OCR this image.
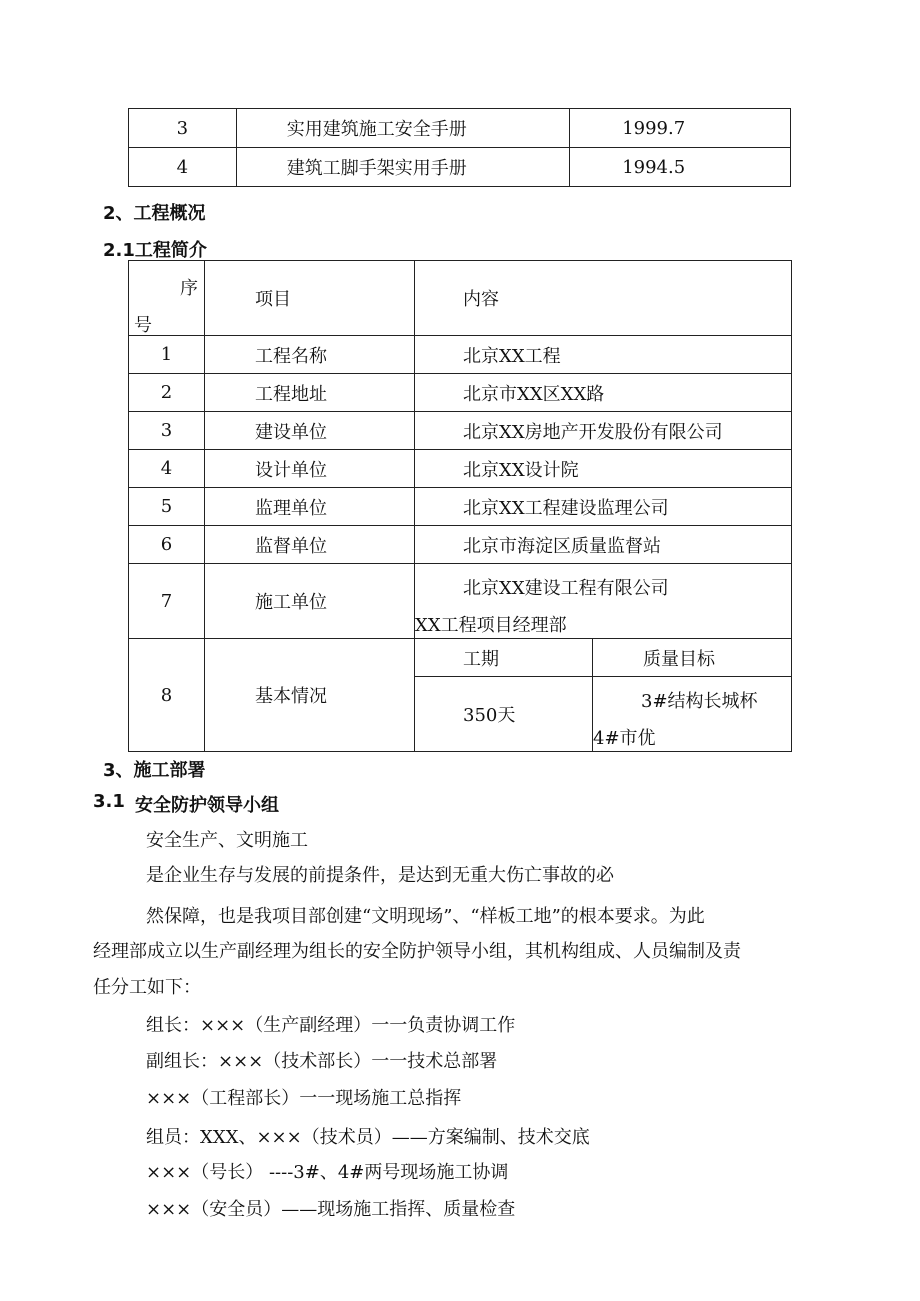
3	实用建筑施工安全手册	1999.7
4	建筑工脚手架实用手册	1994.5
2、工程概况
2.1工程简介
序
号	项目	内容	
1	工程名称	北京XX工程	
2	工程地址	北京市XX区XX路	
3	建设单位	北京XX房地产开发股份有限公司	
4	设计单位	北京XX设计院	
5	监理单位	北京XX工程建设监理公司	
6	监督单位	北京市海淀区质量监督站	
7	施工单位	北京XX建设工程有限公司
XX工程项目经理部	

8	基本情况	工期	质量目标
		350天	3#结构长城杯
4#市优
3、施工部署
3.1 安全防护领导小组
安全生产、文明施工
是企业生存与发展的前提条件，是达到无重大伤亡事故的必
然保障，也是我项目部创建“文明现场”、“样板工地”的根本要求。为此
经理部成立以生产副经理为组长的安全防护领导小组，其机构组成、人员编制及责
任分工如下：
组长：×××（生产副经理）一一负责协调工作
副组长：×××（技术部长）一一技术总部署
×××（工程部长）一一现场施工总指挥
组员：XXX、×××（技术员）——方案编制、技术交底
×××（号长） ----3#、4#两号现场施工协调
×××（安全员）——现场施工指挥、质量检查
